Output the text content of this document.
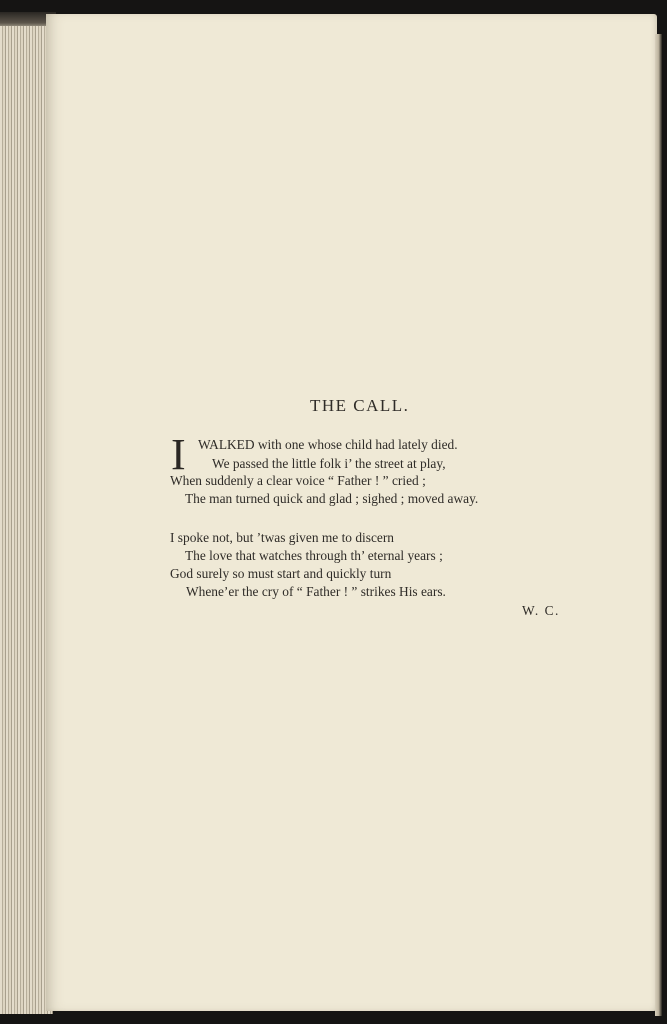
THE CALL.
I WALKED with one whose child had lately died.
We passed the little folk i’ the street at play,
When suddenly a clear voice “ Father ! ” cried ;
The man turned quick and glad ; sighed ; moved away.
I spoke not, but ’twas given me to discern
The love that watches through th’ eternal years ;
God surely so must start and quickly turn
Whene’er the cry of “ Father ! ” strikes His ears.
W. C.
